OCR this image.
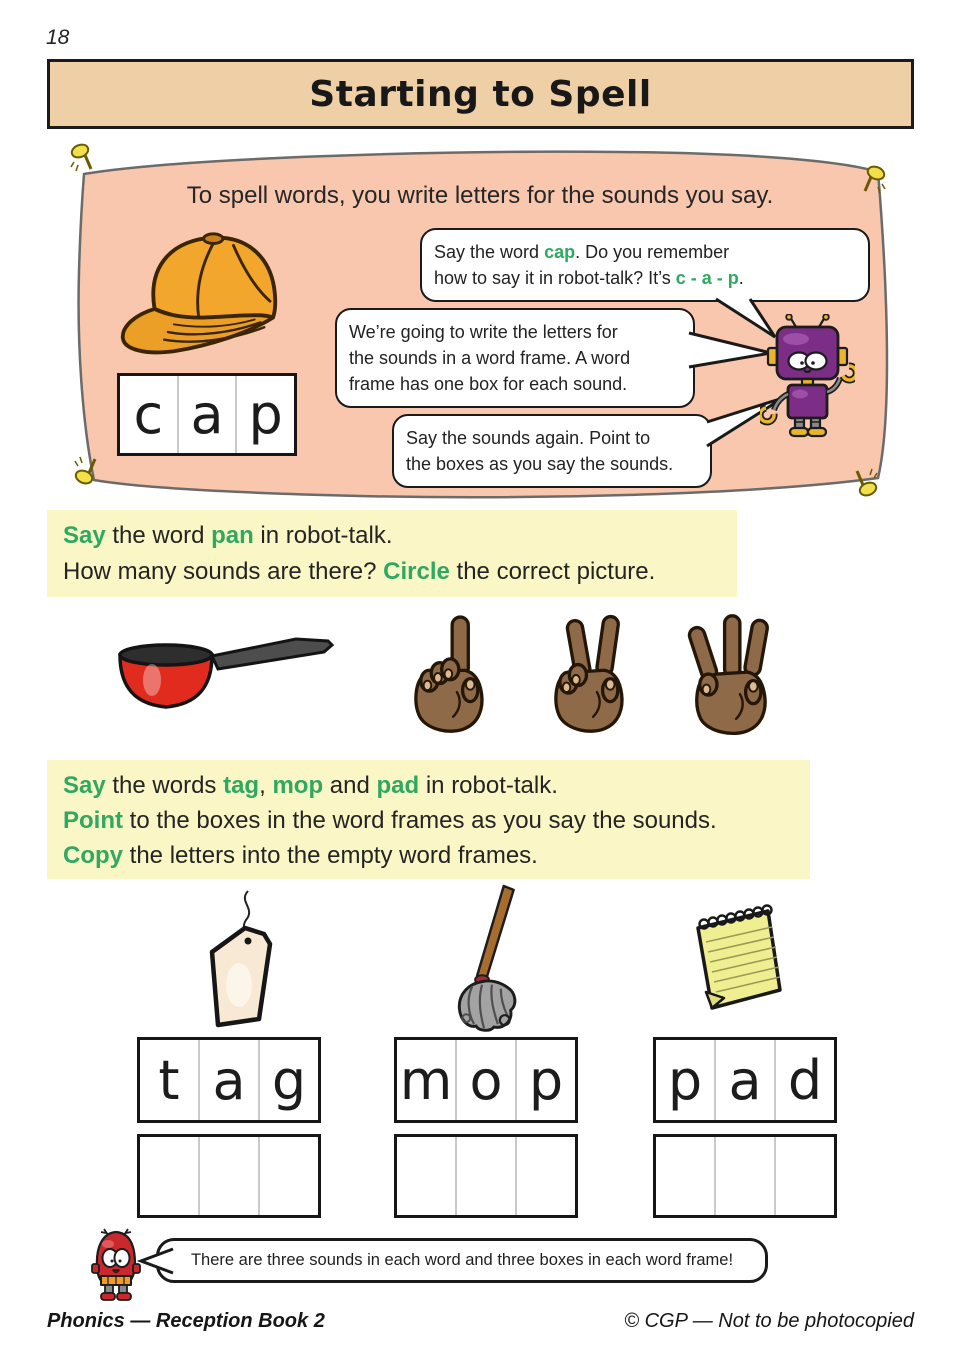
18
Starting to Spell
To spell words, you write letters for the sounds you say.
c a p
Say the word cap. Do you remember
how to say it in robot-talk? It’s c - a - p.
We’re going to write the letters for
the sounds in a word frame. A word
frame has one box for each sound.
Say the sounds again. Point to
the boxes as you say the sounds.
Say the word pan in robot-talk.
How many sounds are there? Circle the correct picture.
Say the words tag, mop and pad in robot-talk.
Point to the boxes in the word frames as you say the sounds.
Copy the letters into the empty word frames.
t a g m o p p a d
There are three sounds in each word and three boxes in each word frame!
Phonics — Reception Book 2	© CGP — Not to be photocopied
